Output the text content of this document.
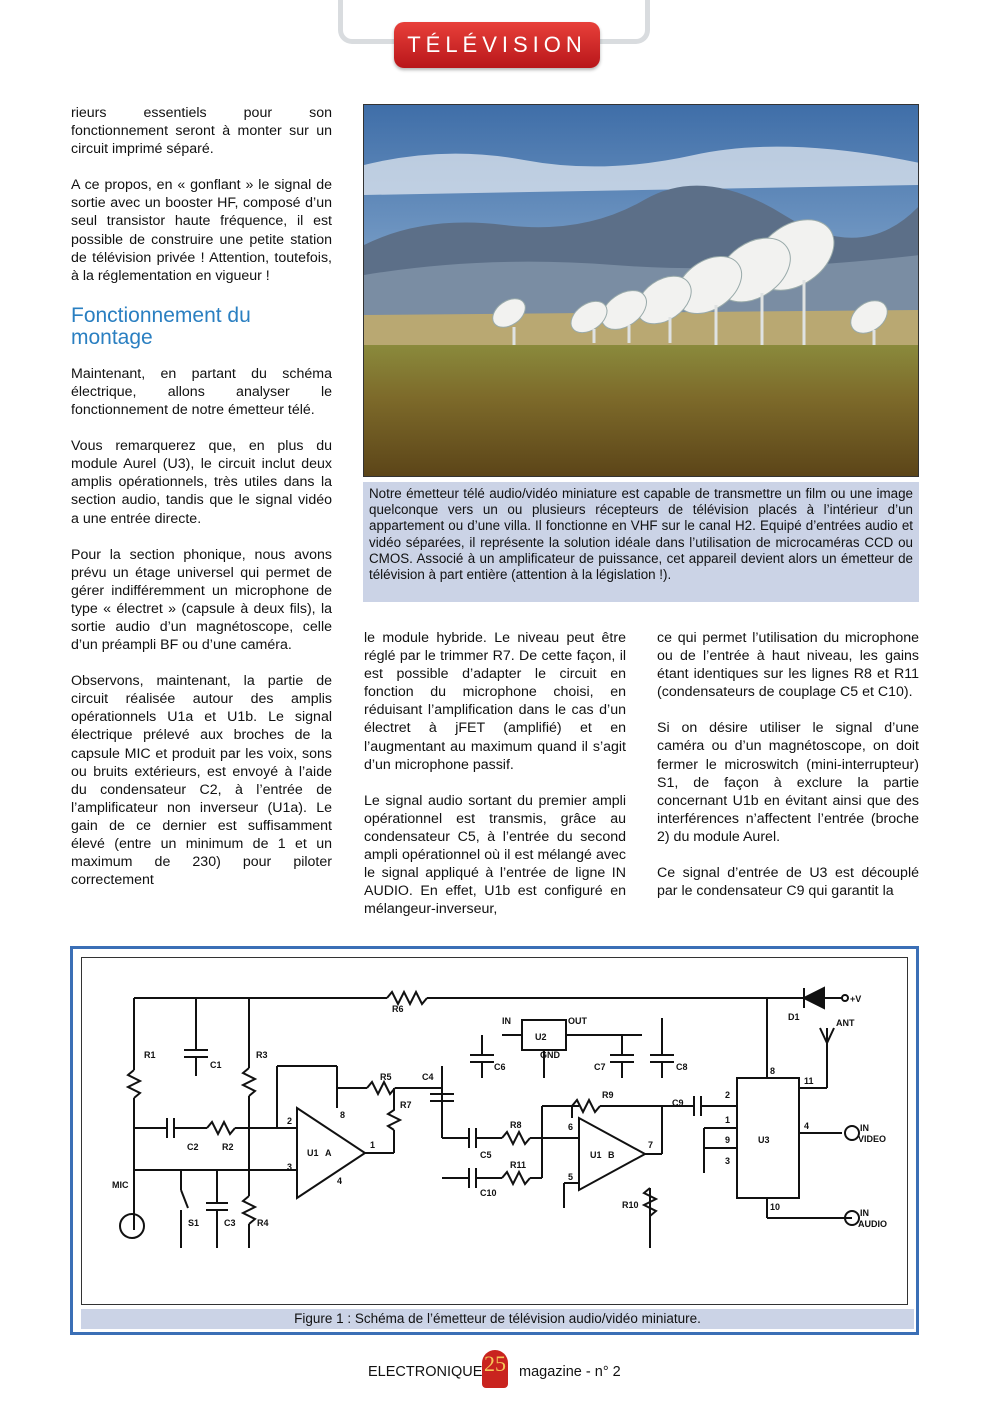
TÉLÉVISION

rieurs essentiels pour son fonctionnement seront à monter sur un circuit imprimé séparé.

A ce propos, en « gonflant » le signal de sortie avec un booster HF, composé d’un seul transistor haute fréquence, il est possible de construire une petite station de télévision privée ! Attention, toutefois, à la réglementation en vigueur !

Fonctionnement du montage

Maintenant, en partant du schéma électrique, allons analyser le fonctionnement de notre émetteur télé.

Vous remarquerez que, en plus du module Aurel (U3), le circuit inclut deux amplis opérationnels, très utiles dans la section audio, tandis que le signal vidéo a une entrée directe.

Pour la section phonique, nous avons prévu un étage universel qui permet de gérer indifféremment un microphone de type « électret » (capsule à deux fils), la sortie audio d’un magnétoscope, celle d’un préampli BF ou d’une caméra.

Observons, maintenant, la partie de circuit réalisée autour des amplis opérationnels U1a et U1b. Le signal électrique prélevé aux broches de la capsule MIC et produit par les voix, sons ou bruits extérieurs, est envoyé à l’aide du condensateur C2, à l’entrée de l’amplificateur non inverseur (U1a). Le gain de ce dernier est suffisamment élevé (entre un minimum de 1 et un maximum de 230) pour piloter correctement

Notre émetteur télé audio/vidéo miniature est capable de transmettre un film ou une image quelconque vers un ou plusieurs récepteurs de télévision placés à l’intérieur d’un appartement ou d’une villa. Il fonctionne en VHF sur le canal H2. Equipé d’entrées audio et vidéo séparées, il représente la solution idéale dans l’utilisation de microcaméras CCD ou CMOS. Associé à un amplificateur de puissance, cet appareil devient alors un émetteur de télévision à part entière (attention à la législation !).

le module hybride. Le niveau peut être réglé par le trimmer R7. De cette façon, il est possible d’adapter le circuit en fonction du microphone choisi, en réduisant l’amplification dans le cas d’un électret à jFET (amplifié) et en l’augmentant au maximum quand il s’agit d’un microphone passif.

Le signal audio sortant du premier ampli opérationnel est transmis, grâce au condensateur C5, à l’entrée du second ampli opérationnel où il est mélangé avec le signal appliqué à l’entrée de ligne IN AUDIO. En effet, U1b est configuré en mélangeur-inverseur,

ce qui permet l’utilisation du microphone ou de l’entrée à haut niveau, les gains étant identiques sur les lignes R8 et R11 (condensateurs de couplage C5 et C10).

Si on désire utiliser le signal d’une caméra ou d’un magnétoscope, on doit fermer le microswitch (mini-interrupteur) S1, de façon à exclure la partie concernant U1b en évitant ainsi que des interférences n’affectent l’entrée (broche 2) du module Aurel.

Ce signal d’entrée de U3 est découplé par le condensateur C9 qui garantit la

R1
C1
R3
C2	R2
C3 R4
MIC
S1
R5	C4
R7
R6
U1 A	C5
R8
R11
C10
U1 B
R9
C9
R10
U2
IN	OUT
GND
C6	C7	C8
U3
D1
+V
ANT
IN
VIDEO
IN
AUDIO
2
3
8
1
4
6
5
7
2
1
9
3
8
11
4
10
Figure 1 : Schéma de l’émetteur de télévision audio/vidéo miniature.
ELECTRONIQUE 25 magazine - n° 2
